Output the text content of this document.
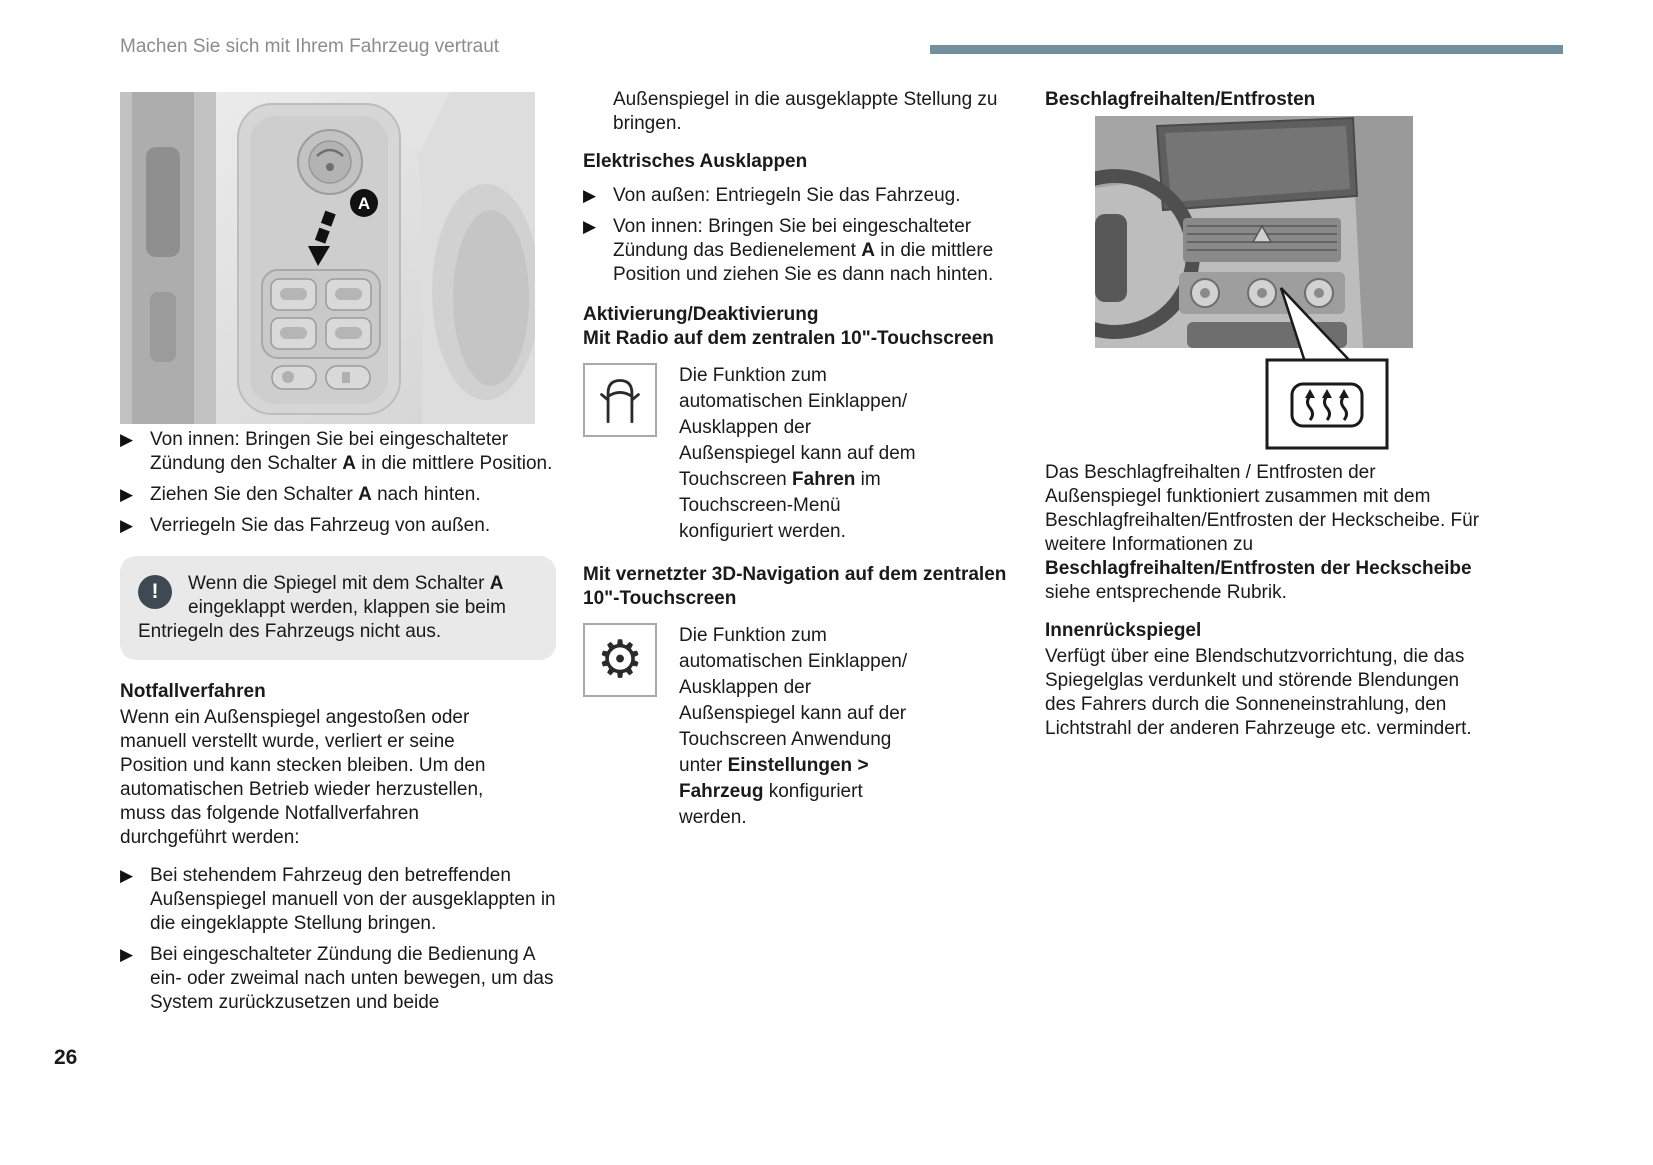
Machen Sie sich mit Ihrem Fahrzeug vertraut
A
▶ Von innen: Bringen Sie bei eingeschalteter Zündung den Schalter A in die mittlere Position.
▶ Ziehen Sie den Schalter A nach hinten.
▶ Verriegeln Sie das Fahrzeug von außen.
!	Wenn die Spiegel mit dem Schalter A eingeklappt werden, klappen sie beim Entriegeln des Fahrzeugs nicht aus.
Notfallverfahren
Wenn ein Außenspiegel angestoßen oder manuell verstellt wurde, verliert er seine Position und kann stecken bleiben. Um den automatischen Betrieb wieder herzustellen, muss das folgende Notfallverfahren durchgeführt werden:
▶ Bei stehendem Fahrzeug den betreffenden Außenspiegel manuell von der ausgeklappten in die eingeklappte Stellung bringen.
▶ Bei eingeschalteter Zündung die Bedienung A ein- oder zweimal nach unten bewegen, um das System zurückzusetzen und beide
Außenspiegel in die ausgeklappte Stellung zu bringen.
Elektrisches Ausklappen
▶ Von außen: Entriegeln Sie das Fahrzeug.
▶ Von innen: Bringen Sie bei eingeschalteter Zündung das Bedienelement A in die mittlere Position und ziehen Sie es dann nach hinten.
Aktivierung/Deaktivierung
Mit Radio auf dem zentralen 10"-Touchscreen
Die Funktion zum automatischen Einklappen/​Ausklappen der Außenspiegel kann auf dem Touchscreen Fahren im Touchscreen-Menü konfiguriert werden.
Mit vernetzter 3D-Navigation auf dem zentralen 10"-Touchscreen
⚙ Die Funktion zum automatischen Einklappen/​Ausklappen der Außenspiegel kann auf der Touchscreen Anwendung unter Einstellungen > Fahrzeug konfiguriert werden.
Beschlagfreihalten/Entfrosten
Das Beschlagfreihalten / Entfrosten der Außenspiegel funktioniert zusammen mit dem Beschlagfreihalten/Entfrosten der Heckscheibe. Für weitere Informationen zu Beschlagfreihalten/Entfrosten der Heckscheibe siehe entsprechende Rubrik.
Innenrückspiegel
Verfügt über eine Blendschutzvorrichtung, die das Spiegelglas verdunkelt und störende Blendungen des Fahrers durch die Sonneneinstrahlung, den Lichtstrahl der anderen Fahrzeuge etc. vermindert.
26
